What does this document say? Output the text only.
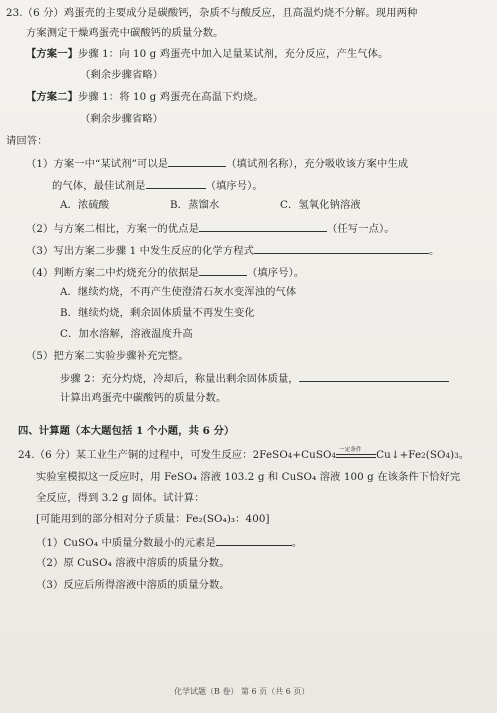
23.（6 分）鸡蛋壳的主要成分是碳酸钙，杂质不与酸反应，且高温灼烧不分解。现用两种
方案测定干燥鸡蛋壳中碳酸钙的质量分数。
【方案一】步骤 1：向 10 g 鸡蛋壳中加入足量某试剂，充分反应，产生气体。
（剩余步骤省略）
【方案二】步骤 1：将 10 g 鸡蛋壳在高温下灼烧。
（剩余步骤省略）
请回答：
（1）方案一中“某试剂”可以是	（填试剂名称），充分吸收该方案中生成
的气体，最佳试剂是	（填序号）。
A．浓硫酸	B．蒸馏水	C．氢氧化钠溶液
（2）与方案二相比，方案一的优点是	（任写一点）。
（3）写出方案二步骤 1 中发生反应的化学方程式	。
（4）判断方案二中灼烧充分的依据是	（填序号）。
A．继续灼烧，不再产生使澄清石灰水变浑浊的气体
B．继续灼烧，剩余固体质量不再发生变化
C．加水溶解，溶液温度升高
（5）把方案二实验步骤补充完整。
步骤 2：充分灼烧，冷却后，称量出剩余固体质量，
计算出鸡蛋壳中碳酸钙的质量分数。
四、计算题（本大题包括 1 个小题，共 6 分）
24.（6 分）某工业生产铜的过程中，可发生反应：2FeSO4+CuSO4
一定条件 Cu↓+Fe2(SO4)3。
实验室模拟这一反应时，用 FeSO₄ 溶液 103.2 g 和 CuSO₄ 溶液 100 g 在该条件下恰好完
全反应，得到 3.2 g 固体。试计算：
[可能用到的部分相对分子质量：Fe₂(SO₄)₃：400]
（1）CuSO₄ 中质量分数最小的元素是	。
（2）原 CuSO₄ 溶液中溶质的质量分数。
（3）反应后所得溶液中溶质的质量分数。
化学试题（B 卷） 第 6 页（共 6 页）
